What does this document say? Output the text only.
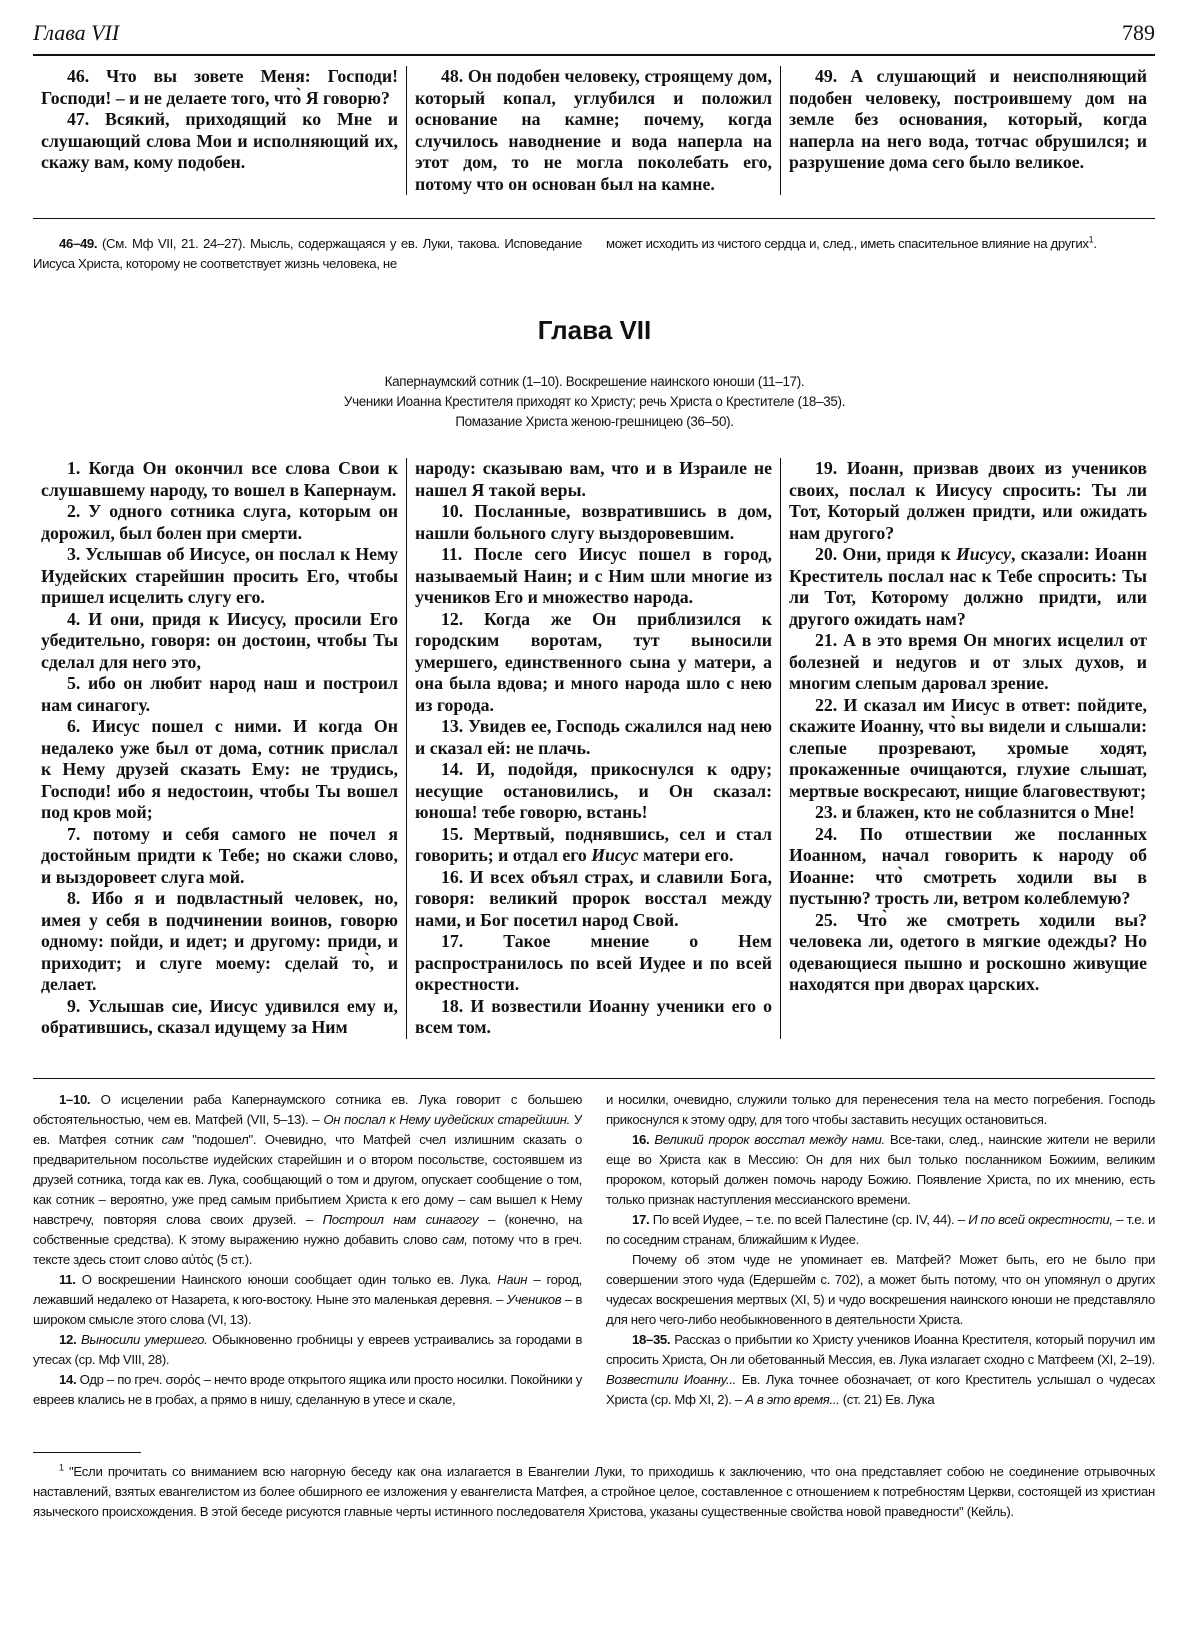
Глава VII	789

46. Что вы зовете Меня: Господи! Господи! – и не делаете того, что̀ Я говорю?

47. Всякий, приходящий ко Мне и слушающий слова Мои и исполняющий их, скажу вам, кому подобен.

48. Он подобен человеку, строящему дом, который копал, углубился и положил основание на камне; почему, когда случилось наводнение и вода наперла на этот дом, то не могла поколебать его, потому что он основан был на камне.

49. А слушающий и неисполняющий подобен человеку, построившему дом на земле без основания, который, когда наперла на него вода, тотчас обрушился; и разрушение дома сего было великое.

46–49. (См. Мф VII, 21. 24–27). Мысль, содержащаяся у ев. Луки, такова. Исповедание Иисуса Христа, которому не соответствует жизнь человека, не

может исходить из чистого сердца и, след., иметь спасительное влияние на других$^1$.

Глава VII
Капернаумский сотник (1–10). Воскрешение наинского юноши (11–17).
Ученики Иоанна Крестителя приходят ко Христу; речь Христа о Крестителе (18–35).
Помазание Христа женою-грешницею (36–50).

1. Когда Он окончил все слова Свои к слушавшему народу, то вошел в Капернаум.

2. У одного сотника слуга, которым он дорожил, был болен при смерти.

3. Услышав об Иисусе, он послал к Нему Иудейских старейшин просить Его, чтобы пришел исцелить слугу его.

4. И они, придя к Иисусу, просили Его убедительно, говоря: он достоин, чтобы Ты сделал для него это,

5. ибо он любит народ наш и построил нам синагогу.

6. Иисус пошел с ними. И когда Он недалеко уже был от дома, сотник прислал к Нему друзей сказать Ему: не трудись, Господи! ибо я недостоин, чтобы Ты вошел под кров мой;

7. потому и себя самого не почел я достойным придти к Тебе; но скажи слово, и выздоровеет слуга мой.

8. Ибо я и подвластный человек, но, имея у себя в подчинении воинов, говорю одному: пойди, и идет; и другому: приди, и приходит; и слуге моему: сделай то̀, и делает.

9. Услышав сие, Иисус удивился ему и, обратившись, сказал идущему за Ним

народу: сказываю вам, что и в Израиле не нашел Я такой веры.

10. Посланные, возвратившись в дом, нашли больного слугу выздоровевшим.

11. После сего Иисус пошел в город, называемый Наин; и с Ним шли многие из учеников Его и множество народа.

12. Когда же Он приблизился к городским воротам, тут выносили умершего, единственного сына у матери, а она была вдова; и много народа шло с нею из города.

13. Увидев ее, Господь сжалился над нею и сказал ей: не плачь.

14. И, подойдя, прикоснулся к одру; несущие остановились, и Он сказал: юноша! тебе говорю, встань!

15. Мертвый, поднявшись, сел и стал говорить; и отдал его Иисус матери его.

16. И всех объял страх, и славили Бога, говоря: великий пророк восстал между нами, и Бог посетил народ Свой.

17. Такое мнение о Нем распространилось по всей Иудее и по всей окрестности.

18. И возвестили Иоанну ученики его о всем том.

19. Иоанн, призвав двоих из учеников своих, послал к Иисусу спросить: Ты ли Тот, Который должен придти, или ожидать нам другого?

20. Они, придя к Иисусу, сказали: Иоанн Креститель послал нас к Тебе спросить: Ты ли Тот, Которому должно придти, или другого ожидать нам?

21. А в это время Он многих исцелил от болезней и недугов и от злых духов, и многим слепым даровал зрение.

22. И сказал им Иисус в ответ: пойдите, скажите Иоанну, что̀ вы видели и слышали: слепые прозревают, хромые ходят, прокаженные очищаются, глухие слышат, мертвые воскресают, нищие благовествуют;

23. и блажен, кто не соблазнится о Мне!

24. По отшествии же посланных Иоанном, начал говорить к народу об Иоанне: что̀ смотреть ходили вы в пустыню? трость ли, ветром колеблемую?

25. Что̀ же смотреть ходили вы? человека ли, одетого в мягкие одежды? Но одевающиеся пышно и роскошно живущие находятся при дворах царских.

1–10. О исцелении раба Капернаумского сотника ев. Лука говорит с большею обстоятельностью, чем ев. Матфей (VII, 5–13). – Он послал к Нему иудейских старейшин. У ев. Матфея сотник сам "подошел". Очевидно, что Матфей счел излишним сказать о предварительном посольстве иудейских старейшин и о втором посольстве, состоявшем из друзей сотника, тогда как ев. Лука, сообщающий о том и другом, опускает сообщение о том, как сотник – вероятно, уже пред самым прибытием Христа к его дому – сам вышел к Нему навстречу, повторяя слова своих друзей. – Построил нам синагогу – (конечно, на собственные средства). К этому выражению нужно добавить слово сам, потому что в греч. тексте здесь стоит слово αὐτὸς (5 ст.).

11. О воскрешении Наинского юноши сообщает один только ев. Лука. Наин – город, лежавший недалеко от Назарета, к юго-востоку. Ныне это маленькая деревня. – Учеников – в широком смысле этого слова (VI, 13).

12. Выносили умершего. Обыкновенно гробницы у евреев устраивались за городами в утесах (ср. Мф VIII, 28).

14. Одр – по греч. σορός – нечто вроде открытого ящика или просто носилки. Покойники у евреев клались не в гробах, а прямо в нишу, сделанную в утесе и скале,

и носилки, очевидно, служили только для перенесения тела на место погребения. Господь прикоснулся к этому одру, для того чтобы заставить несущих остановиться.

16. Великий пророк восстал между нами. Все-таки, след., наинские жители не верили еще во Христа как в Мессию: Он для них был только посланником Божиим, великим пророком, который должен помочь народу Божию. Появление Христа, по их мнению, есть только признак наступления мессианского времени.

17. По всей Иудее, – т.е. по всей Палестине (ср. IV, 44). – И по всей окрестности, – т.е. и по соседним странам, ближайшим к Иудее.

Почему об этом чуде не упоминает ев. Матфей? Может быть, его не было при совершении этого чуда (Едершейм с. 702), а может быть потому, что он упомянул о других чудесах воскрешения мертвых (XI, 5) и чудо воскрешения наинского юноши не представляло для него чего-либо необыкновенного в деятельности Христа.

18–35. Рассказ о прибытии ко Христу учеников Иоанна Крестителя, который поручил им спросить Христа, Он ли обетованный Мессия, ев. Лука излагает сходно с Матфеем (XI, 2–19). Возвестили Иоанну... Ев. Лука точнее обозначает, от кого Креститель услышал о чудесах Христа (ср. Мф XI, 2). – А в это время... (ст. 21) Ев. Лука

$^1$ "Если прочитать со вниманием всю нагорную беседу как она излагается в Евангелии Луки, то приходишь к заключению, что она представляет собою не соединение отрывочных наставлений, взятых евангелистом из более обширного ее изложения у евангелиста Матфея, а стройное целое, составленное с отношением к потребностям Церкви, состоящей из христиан языческого происхождения. В этой беседе рисуются главные черты истинного последователя Христова, указаны существенные свойства новой праведности" (Кейль).
